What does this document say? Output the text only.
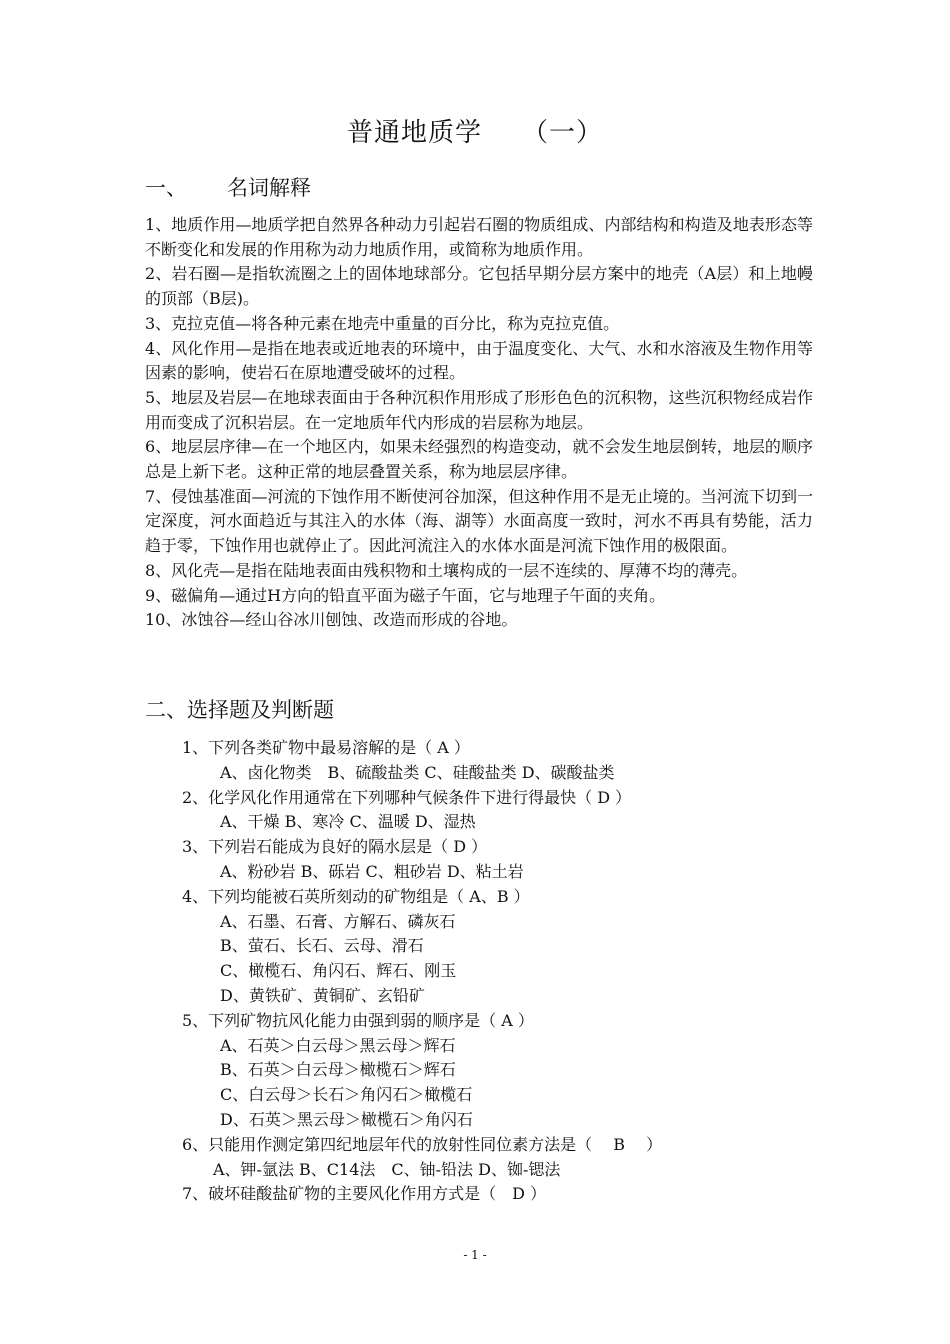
普通地质学 （一）
一、 名词解释

1、地质作用—地质学把自然界各种动力引起岩石圈的物质组成、内部结构和构造及地表形态等不断变化和发展的作用称为动力地质作用，或简称为地质作用。

2、岩石圈—是指软流圈之上的固体地球部分。它包括早期分层方案中的地壳（A层）和上地幔的顶部（B层)。

3、克拉克值—将各种元素在地壳中重量的百分比，称为克拉克值。

4、风化作用—是指在地表或近地表的环境中，由于温度变化、大气、水和水溶液及生物作用等因素的影响，使岩石在原地遭受破坏的过程。

5、地层及岩层—在地球表面由于各种沉积作用形成了形形色色的沉积物，这些沉积物经成岩作用而变成了沉积岩层。在一定地质年代内形成的岩层称为地层。

6、地层层序律—在一个地区内，如果未经强烈的构造变动，就不会发生地层倒转，地层的顺序总是上新下老。这种正常的地层叠置关系，称为地层层序律。

7、侵蚀基准面—河流的下蚀作用不断使河谷加深，但这种作用不是无止境的。当河流下切到一定深度，河水面趋近与其注入的水体（海、湖等）水面高度一致时，河水不再具有势能，活力趋于零，下蚀作用也就停止了。因此河流注入的水体水面是河流下蚀作用的极限面。

8、风化壳—是指在陆地表面由残积物和土壤构成的一层不连续的、厚薄不均的薄壳。

9、磁偏角—通过H方向的铅直平面为磁子午面，它与地理子午面的夹角。

10、冰蚀谷—经山谷冰川刨蚀、改造而形成的谷地。

二、选择题及判断题
1、下列各类矿物中最易溶解的是（ A ）
A、卤化物类　B、硫酸盐类 C、硅酸盐类 D、碳酸盐类
2、化学风化作用通常在下列哪种气候条件下进行得最快（ D ）
A、干燥 B、寒冷 C、温暖 D、湿热
3、下列岩石能成为良好的隔水层是（ D ）
A、粉砂岩 B、砾岩 C、粗砂岩 D、粘土岩
4、下列均能被石英所刻动的矿物组是（ A、B ）
A、石墨、石膏、方解石、磷灰石
B、萤石、长石、云母、滑石
C、橄榄石、角闪石、辉石、刚玉
D、黄铁矿、黄铜矿、玄铅矿
5、下列矿物抗风化能力由强到弱的顺序是（ A ）
A、石英＞白云母＞黑云母＞辉石
B、石英＞白云母＞橄榄石＞辉石
C、白云母＞长石＞角闪石＞橄榄石
D、石英＞黑云母＞橄榄石＞角闪石
6、只能用作测定第四纪地层年代的放射性同位素方法是（　 B　 ）
A、钾-氩法 B、C14法　C、铀-铅法 D、铷-锶法
7、破坏硅酸盐矿物的主要风化作用方式是（　D ）
- 1 -
